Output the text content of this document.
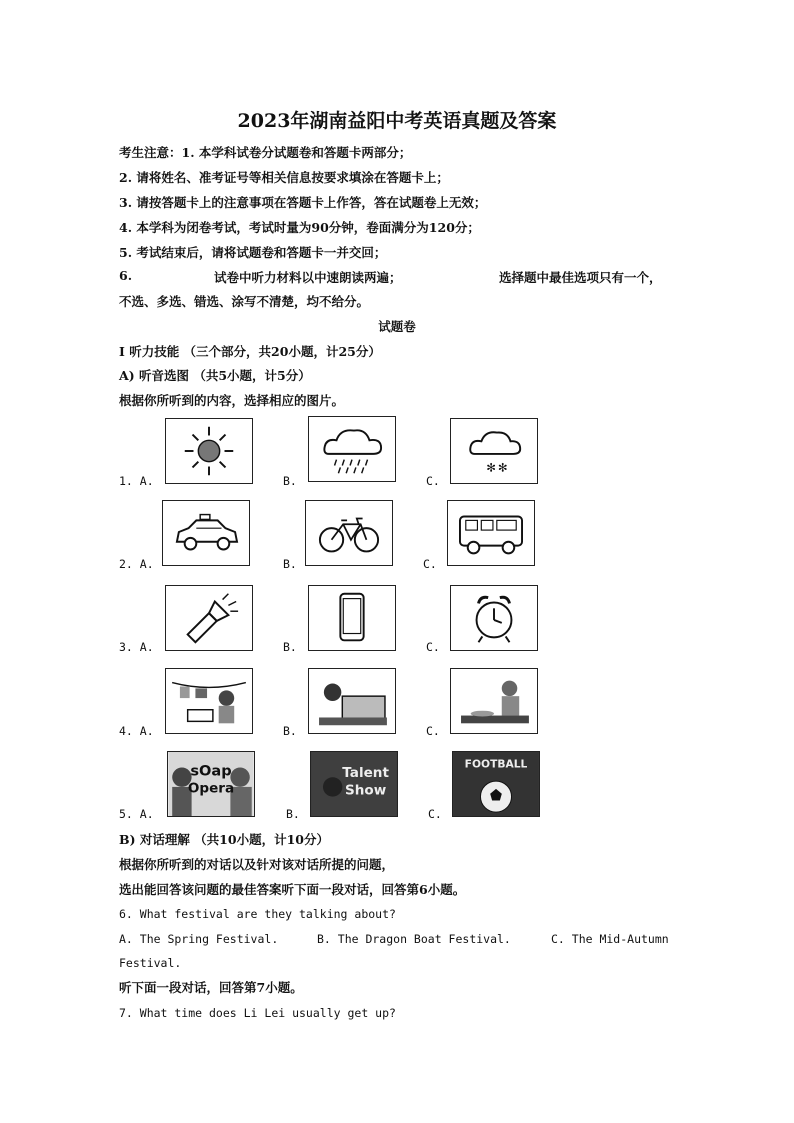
2023年湖南益阳中考英语真题及答案
考生注意：1. 本学科试卷分试题卷和答题卡两部分；
2. 请将姓名、准考证号等相关信息按要求填涂在答题卡上；
3. 请按答题卡上的注意事项在答题卡上作答，答在试题卷上无效；
4. 本学科为闭卷考试，考试时量为90分钟，卷面满分为120分；
5. 考试结束后，请将试题卷和答题卡一并交回；
6.	试卷中听力材料以中速朗读两遍；	选择题中最佳选项只有一个，
不选、多选、错选、涂写不清楚，均不给分。
试题卷
I 听力技能 （三个部分，共20小题，计25分）
A) 听音选图 （共5小题，计5分）
根据你所听到的内容，选择相应的图片。
1. A.	B.	C.
✻ ✻
2. A.	B.	C.
3. A.	B.	C.
4. A.	B.	C.
5. A.	B.	C.
sOap
Opera
Talent
Show
FOOTBALL
B) 对话理解 （共10小题，计10分）
根据你所听到的对话以及针对该对话所提的问题，
选出能回答该问题的最佳答案听下面一段对话，回答第6小题。
6. What festival are they talking about?
A. The Spring Festival.	B. The Dragon Boat Festival.	C. The Mid-Autumn
Festival.
听下面一段对话，回答第7小题。
7. What time does Li Lei usually get up?
